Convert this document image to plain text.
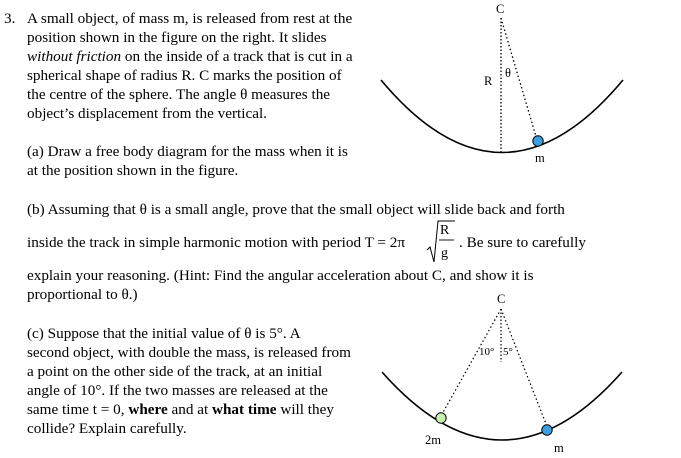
3. A small object, of mass m, is released from rest at the
position shown in the figure on the right. It slides
without friction on the inside of a track that is cut in a
spherical shape of radius R. C marks the position of
the centre of the sphere. The angle θ measures the
object’s displacement from the vertical.
(a) Draw a free body diagram for the mass when it is
at the position shown in the figure.
(b) Assuming that θ is a small angle, prove that the small object will slide back and forth
inside the track in simple harmonic motion with period T = 2π
R
g
. Be sure to carefully
explain your reasoning. (Hint: Find the angular acceleration about C, and show it is
proportional to θ.)
(c) Suppose that the initial value of θ is 5°. A
second object, with double the mass, is released from
a point on the other side of the track, at an initial
angle of 10°. If the two masses are released at the
same time t = 0, where and at what time will they
collide? Explain carefully.
C
R
θ
m
C
10° 5°
2m
m
